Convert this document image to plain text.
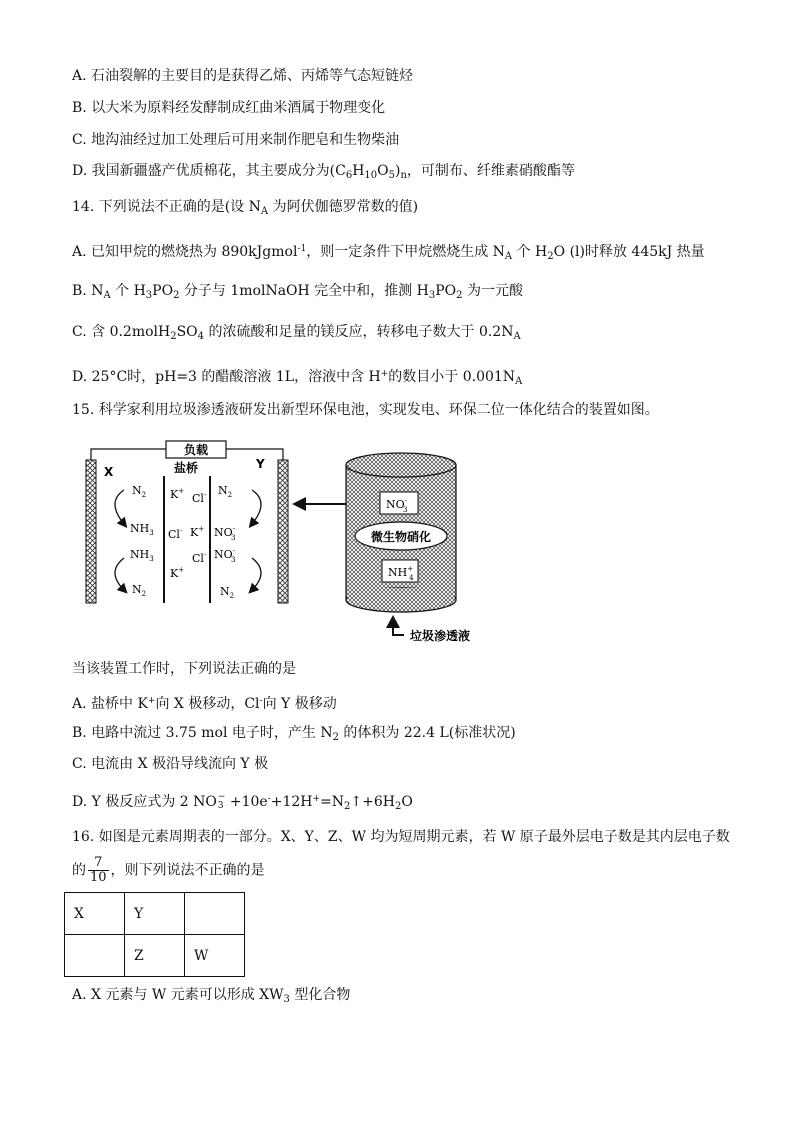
A. 石油裂解的主要目的是获得乙烯、丙烯等气态短链烃
B. 以大米为原料经发酵制成红曲米酒属于物理变化
C. 地沟油经过加工处理后可用来制作肥皂和生物柴油
D. 我国新疆盛产优质棉花，其主要成分为$(C_6H_{10}O_5)_n$，可制布、纤维素硝酸酯等
14. 下列说法不正确的是(设 $N_A$ 为阿伏伽德罗常数的值)
A. 已知甲烷的燃烧热为 890kJgmol$^{-1}$，则一定条件下甲烷燃烧生成 $N_A$ 个 $H_2O$ (l)时释放 445kJ 热量
B. $N_A$ 个 $H_3PO_2$ 分子与 1molNaOH 完全中和，推测 $H_3PO_2$ 为一元酸
C. 含 $0.2molH_2SO_4$ 的浓硫酸和足量的镁反应，转移电子数大于 $0.2N_A$
D. 25°C时，pH=3 的醋酸溶液 1L，溶液中含 H+的数目小于 $0.001N_A$
15. 科学家利用垃圾渗透液研发出新型环保电池，实现发电、环保二位一体化结合的装置如图。
负载
盐桥
X
Y
$N_2$
$NH_3$
$NH_3$
$N_2$
K+
Cl-
Cl- K+
Cl-
K+
$N_2$
NO-3
NO-3
$N_2$
NO-3
微生物硝化
NH+ 4
垃圾渗透液
当该装置工作时，下列说法正确的是
A. 盐桥中 K+向 X 极移动，Cl-向 Y 极移动
B. 电路中流过 3.75 mol 电子时，产生 $N_2$ 的体积为 22.4 L(标准状况)
C. 电流由 X 极沿导线流向 Y 极
D. Y 极反应式为 2 NO −
$3 +10e^-+12H^+=N_2↑+6H_2O$
16. 如图是元素周期表的一部分。X、Y、Z、W 均为短周期元素，若 W 原子最外层电子数是其内层电子数
的 $\frac{7}{10}$ ，则下列说法不正确的是
X	Y	
	Z	W
A. X 元素与 W 元素可以形成 $XW_3$ 型化合物
